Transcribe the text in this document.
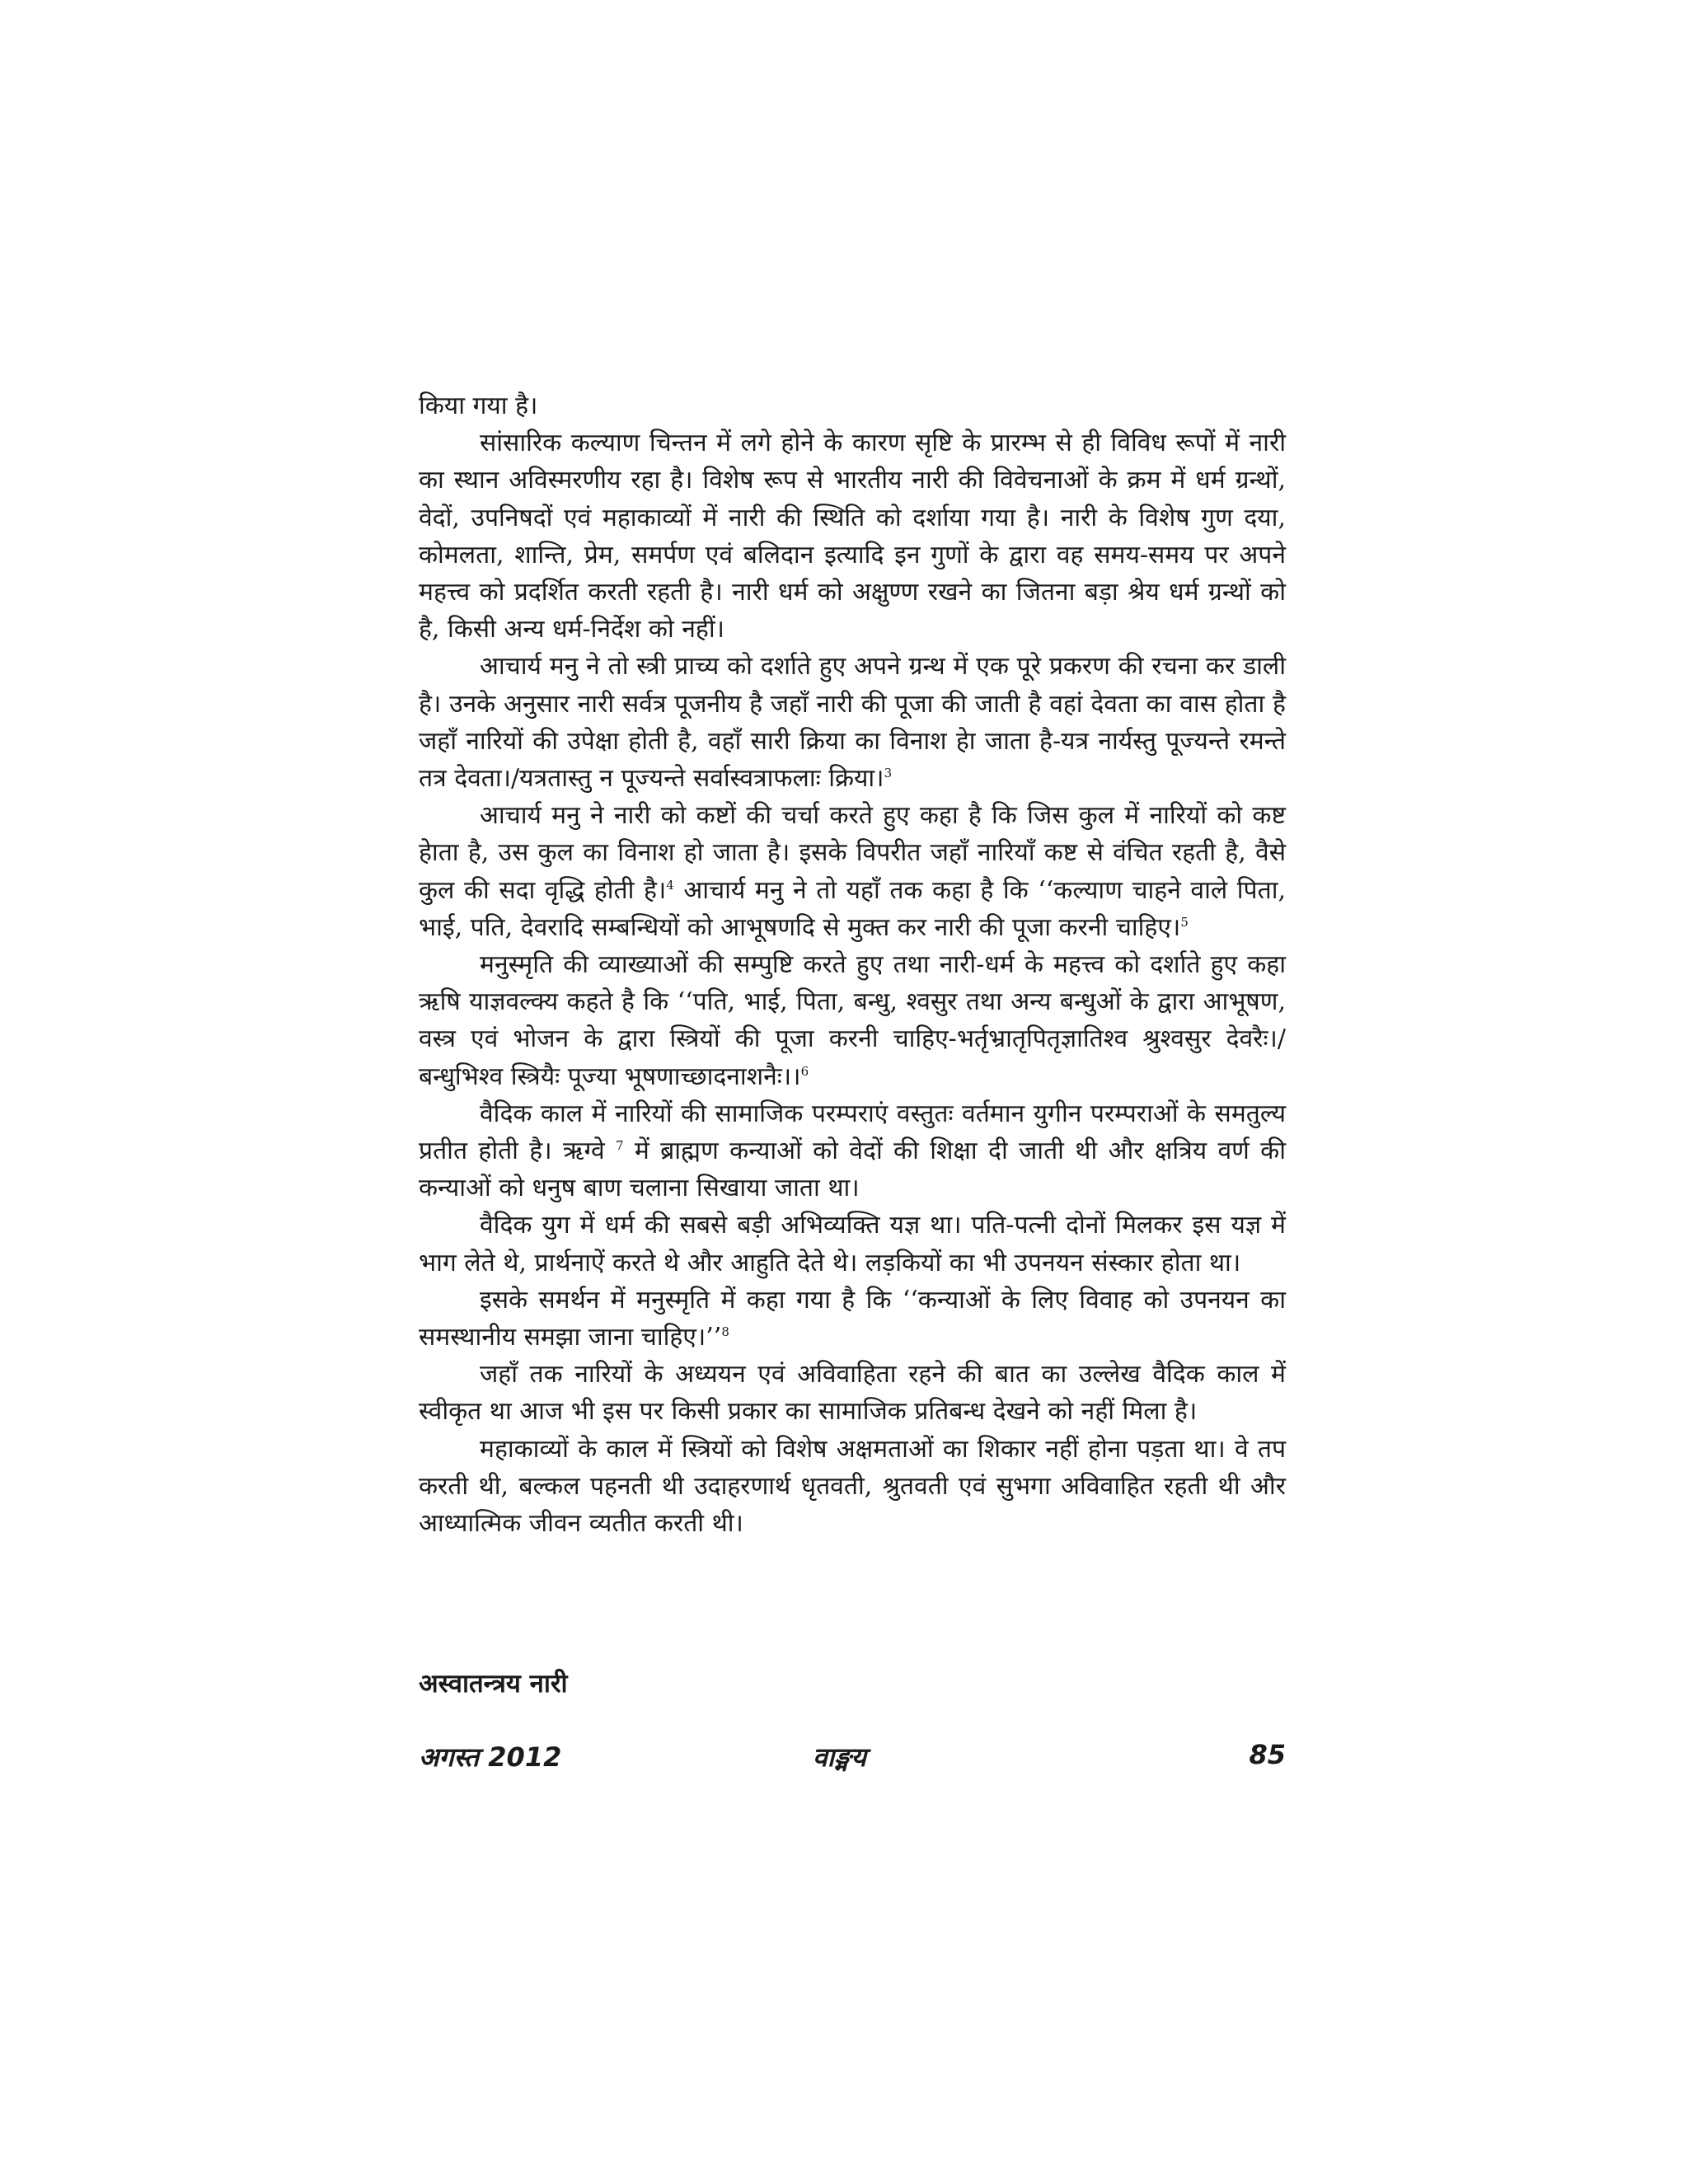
किया गया है।

सांसारिक कल्याण चिन्तन में लगे होने के कारण सृष्टि के प्रारम्भ से ही विविध रूपों में नारी का स्थान अविस्मरणीय रहा है। विशेष रूप से भारतीय नारी की विवेचनाओं के क्रम में धर्म ग्रन्थों, वेदों, उपनिषदों एवं महाकाव्यों में नारी की स्थिति को दर्शाया गया है। नारी के विशेष गुण दया, कोमलता, शान्ति, प्रेम, समर्पण एवं बलिदान इत्यादि इन गुणों के द्वारा वह समय-समय पर अपने महत्त्व को प्रदर्शित करती रहती है। नारी धर्म को अक्षुण्ण रखने का जितना बड़ा श्रेय धर्म ग्रन्थों को है, किसी अन्य धर्म-निर्देश को नहीं।

आचार्य मनु ने तो स्त्री प्राच्य को दर्शाते हुए अपने ग्रन्थ में एक पूरे प्रकरण की रचना कर डाली है। उनके अनुसार नारी सर्वत्र पूजनीय है जहाँ नारी की पूजा की जाती है वहां देवता का वास होता है जहाँ नारियों की उपेक्षा होती है, वहाँ सारी क्रिया का विनाश हेा जाता है-यत्र नार्यस्तु पूज्यन्ते रमन्ते तत्र देवता।/यत्रतास्तु न पूज्यन्ते सर्वास्वत्राफलाः क्रिया।$^3$

आचार्य मनु ने नारी को कष्टों की चर्चा करते हुए कहा है कि जिस कुल में नारियों को कष्ट हेाता है, उस कुल का विनाश हो जाता है। इसके विपरीत जहाँ नारियाँ कष्ट से वंचित रहती है, वैसे कुल की सदा वृद्धि होती है।$^4$ आचार्य मनु ने तो यहाँ तक कहा है कि ‘‘कल्याण चाहने वाले पिता, भाई, पति, देवरादि सम्बन्धियों को आभूषणदि से मुक्त कर नारी की पूजा करनी चाहिए।$^5$

मनुस्मृति की व्याख्याओं की सम्पुष्टि करते हुए तथा नारी-धर्म के महत्त्व को दर्शाते हुए कहा ऋषि याज्ञवल्क्य कहते है कि ‘‘पति, भाई, पिता, बन्धु, श्वसुर तथा अन्य बन्धुओं के द्वारा आभूषण, वस्त्र एवं भोजन के द्वारा स्त्रियों की पूजा करनी चाहिए-भर्तृभ्रातृपितृज्ञातिश्व श्रुश्वसुर देवरैः।/बन्धुभिश्व स्त्रियैः पूज्या भूषणाच्छादनाशनैः।।$^6$

वैदिक काल में नारियों की सामाजिक परम्पराएं वस्तुतः वर्तमान युगीन परम्पराओं के समतुल्य प्रतीत होती है। ऋग्वे $^7$ में ब्राह्मण कन्याओं को वेदों की शिक्षा दी जाती थी और क्षत्रिय वर्ण की कन्याओं को धनुष बाण चलाना सिखाया जाता था।

वैदिक युग में धर्म की सबसे बड़ी अभिव्यक्ति यज्ञ था। पति-पत्नी दोनों मिलकर इस यज्ञ में भाग लेते थे, प्रार्थनाऐं करते थे और आहुति देते थे। लड़कियों का भी उपनयन संस्कार होता था।

इसके समर्थन में मनुस्मृति में कहा गया है कि ‘‘कन्याओं के लिए विवाह को उपनयन का समस्थानीय समझा जाना चाहिए।’’$^8$

जहाँ तक नारियों के अध्ययन एवं अविवाहिता रहने की बात का उल्लेख वैदिक काल में स्वीकृत था आज भी इस पर किसी प्रकार का सामाजिक प्रतिबन्ध देखने को नहीं मिला है।

महाकाव्यों के काल में स्त्रियों को विशेष अक्षमताओं का शिकार नहीं होना पड़ता था। वे तप करती थी, बल्कल पहनती थी उदाहरणार्थ धृतवती, श्रुतवती एवं सुभगा अविवाहित रहती थी और आध्यात्मिक जीवन व्यतीत करती थी।

अस्वातन्त्रय नारी
अगस्त 2012	वाङ्मय	85
